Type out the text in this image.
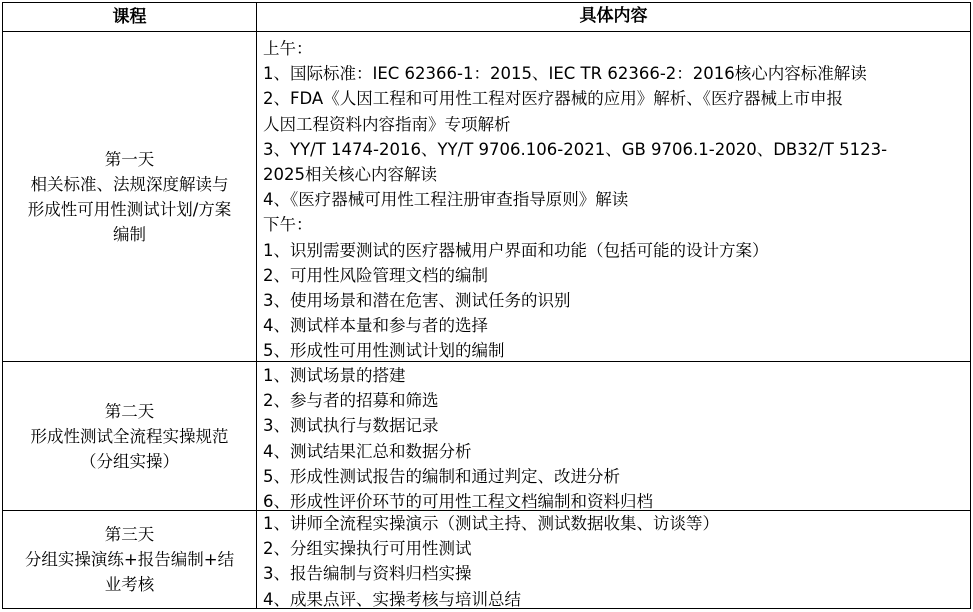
课程	具体内容
第一天
相关标准、法规深度解读与
形成性可用性测试计划/方案
编制
上午：
1、国际标准：IEC 62366-1：2015、IEC TR 62366-2：2016核心内容标准解读
2、FDA《人因工程和可用性工程对医疗器械的应用》解析、《医疗器械上市申报
人因工程资料内容指南》专项解析
3、YY/T 1474-2016、YY/T 9706.106-2021、GB 9706.1-2020、DB32/T 5123-
2025相关核心内容解读
4、《医疗器械可用性工程注册审查指导原则》解读
下午：
1、识别需要测试的医疗器械用户界面和功能（包括可能的设计方案）
2、可用性风险管理文档的编制
3、使用场景和潜在危害、测试任务的识别
4、测试样本量和参与者的选择
5、形成性可用性测试计划的编制
第二天
形成性测试全流程实操规范
（分组实操）
1、测试场景的搭建
2、参与者的招募和筛选
3、测试执行与数据记录
4、测试结果汇总和数据分析
5、形成性测试报告的编制和通过判定、改进分析
6、形成性评价环节的可用性工程文档编制和资料归档
第三天
分组实操演练+报告编制+结
业考核
1、讲师全流程实操演示（测试主持、测试数据收集、访谈等）
2、分组实操执行可用性测试
3、报告编制与资料归档实操
4、成果点评、实操考核与培训总结
